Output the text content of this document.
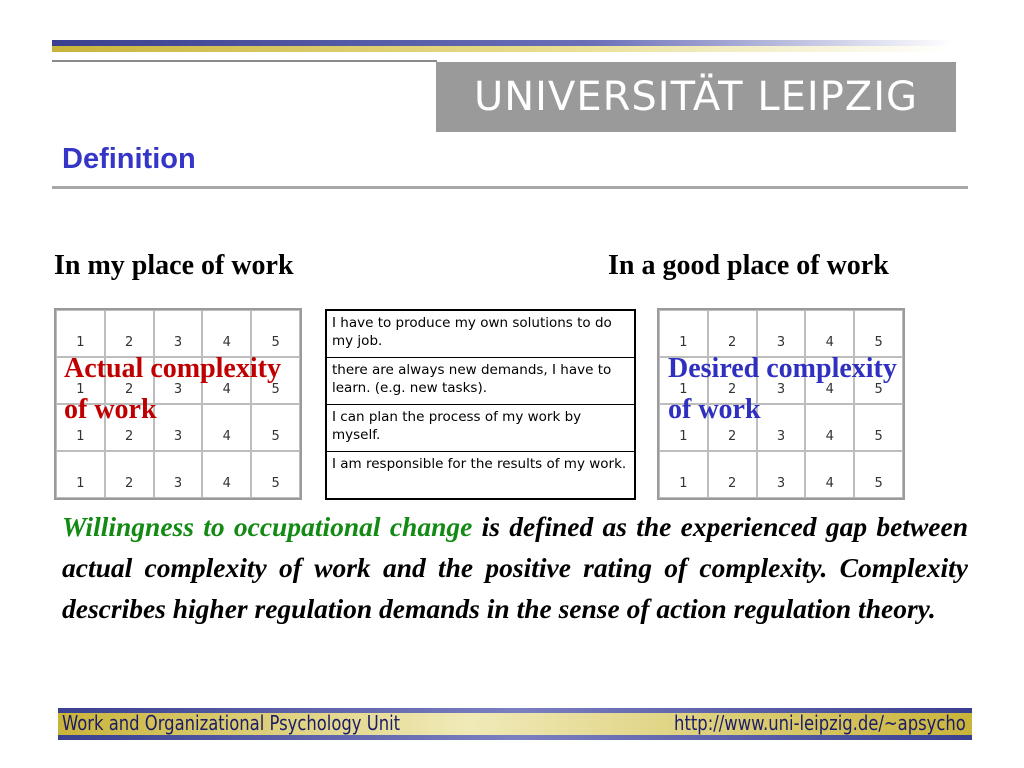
UNIVERSITÄT LEIPZIG
Definition
In my place of work	In a good place of work
1	2	3	4	5
1	2	3	4	5
1	2	3	4	5
1	2	3	4	5
Actual complexity of work
I have to produce my own solutions to do my job.
there are always new demands, I have to learn. (e.g. new tasks).
I can plan the process of my work by myself.
I am responsible for the results of my work.
1	2	3	4	5
1	2	3	4	5
1	2	3	4	5
1	2	3	4	5
Desired complexity of work
Willingness to occupational change is defined as the experienced gap between actual complexity of work and the positive rating of complexity. Complexity describes higher regulation demands in the sense of action regulation theory.
Work and Organizational Psychology Unit	http://www.uni-leipzig.de/~apsycho
